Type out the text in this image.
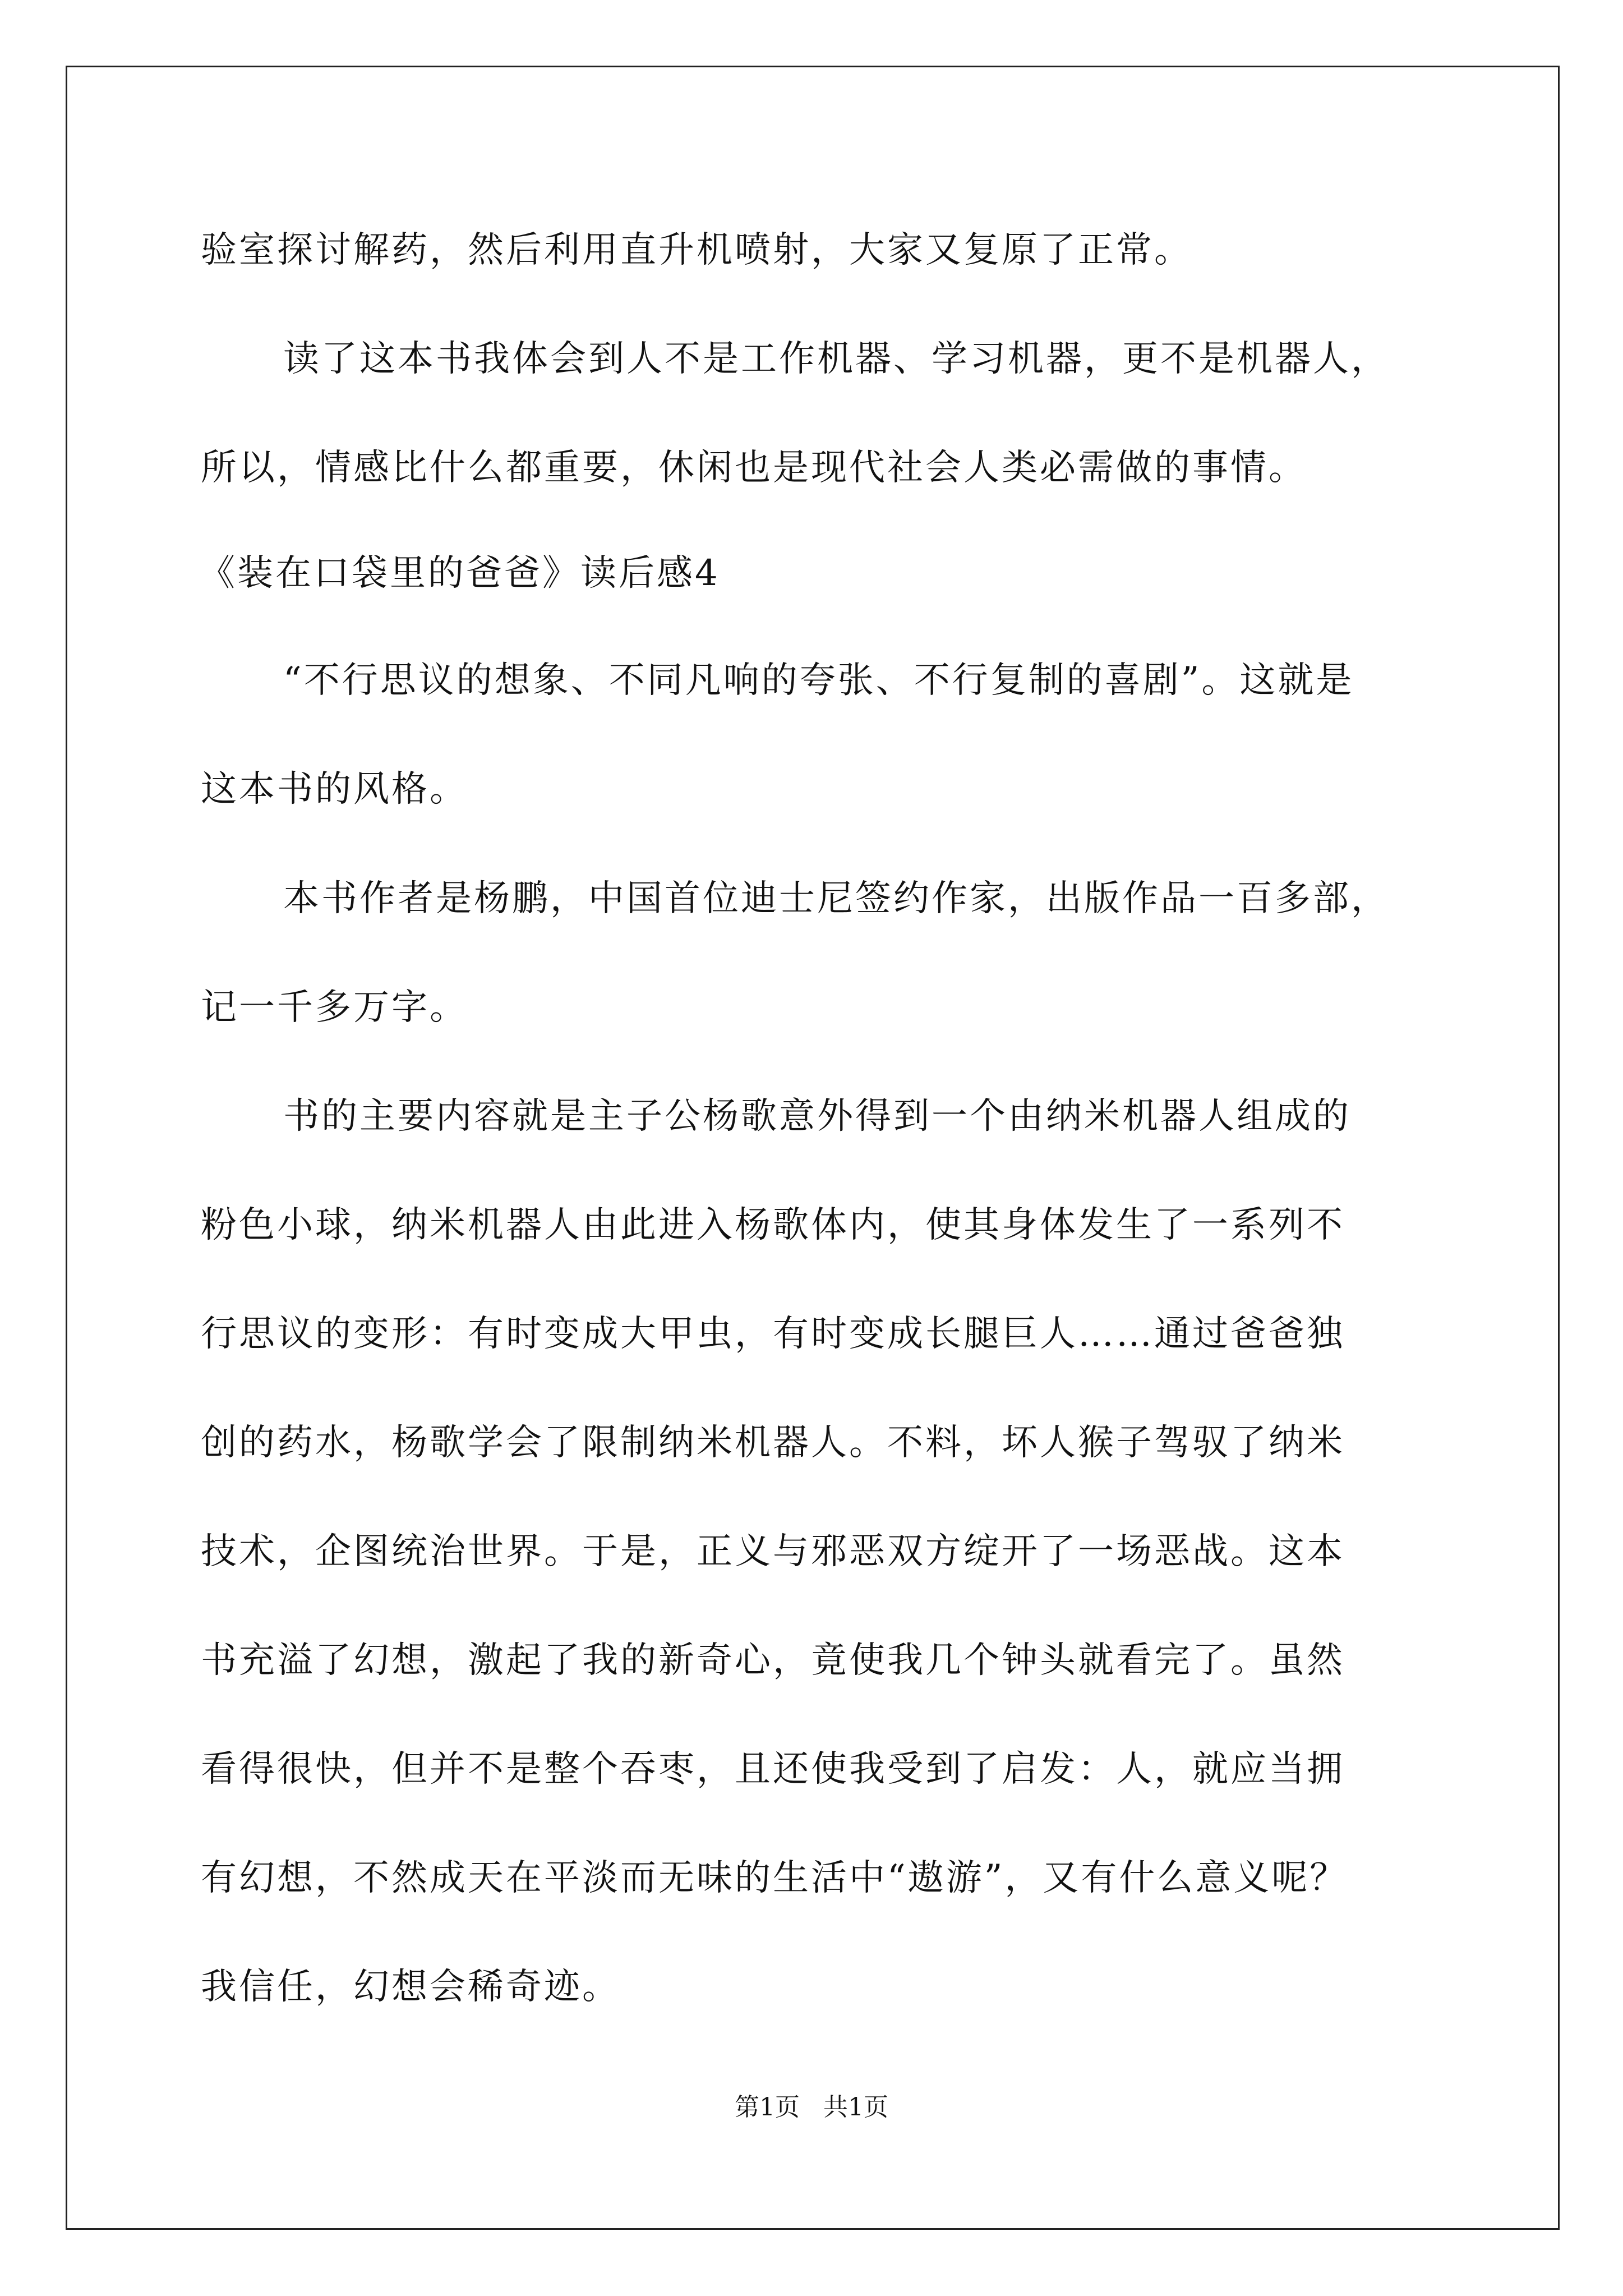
验室探讨解药，然后利用直升机喷射，大家又复原了正常。
读了这本书我体会到人不是工作机器、学习机器，更不是机器人，
所以，情感比什么都重要，休闲也是现代社会人类必需做的事情。
《装在口袋里的爸爸》读后感4
“不行思议的想象、不同凡响的夸张、不行复制的喜剧”。这就是
这本书的风格。
本书作者是杨鹏，中国首位迪士尼签约作家，出版作品一百多部，
记一千多万字。
书的主要内容就是主子公杨歌意外得到一个由纳米机器人组成的
粉色小球，纳米机器人由此进入杨歌体内，使其身体发生了一系列不
行思议的变形：有时变成大甲虫，有时变成长腿巨人……通过爸爸独
创的药水，杨歌学会了限制纳米机器人。不料，坏人猴子驾驭了纳米
技术，企图统治世界。于是，正义与邪恶双方绽开了一场恶战。这本
书充溢了幻想，激起了我的新奇心，竟使我几个钟头就看完了。虽然
看得很快，但并不是整个吞枣，且还使我受到了启发：人，就应当拥
有幻想，不然成天在平淡而无味的生活中“遨游”，又有什么意义呢？
我信任，幻想会稀奇迹。
第1页   共1页
